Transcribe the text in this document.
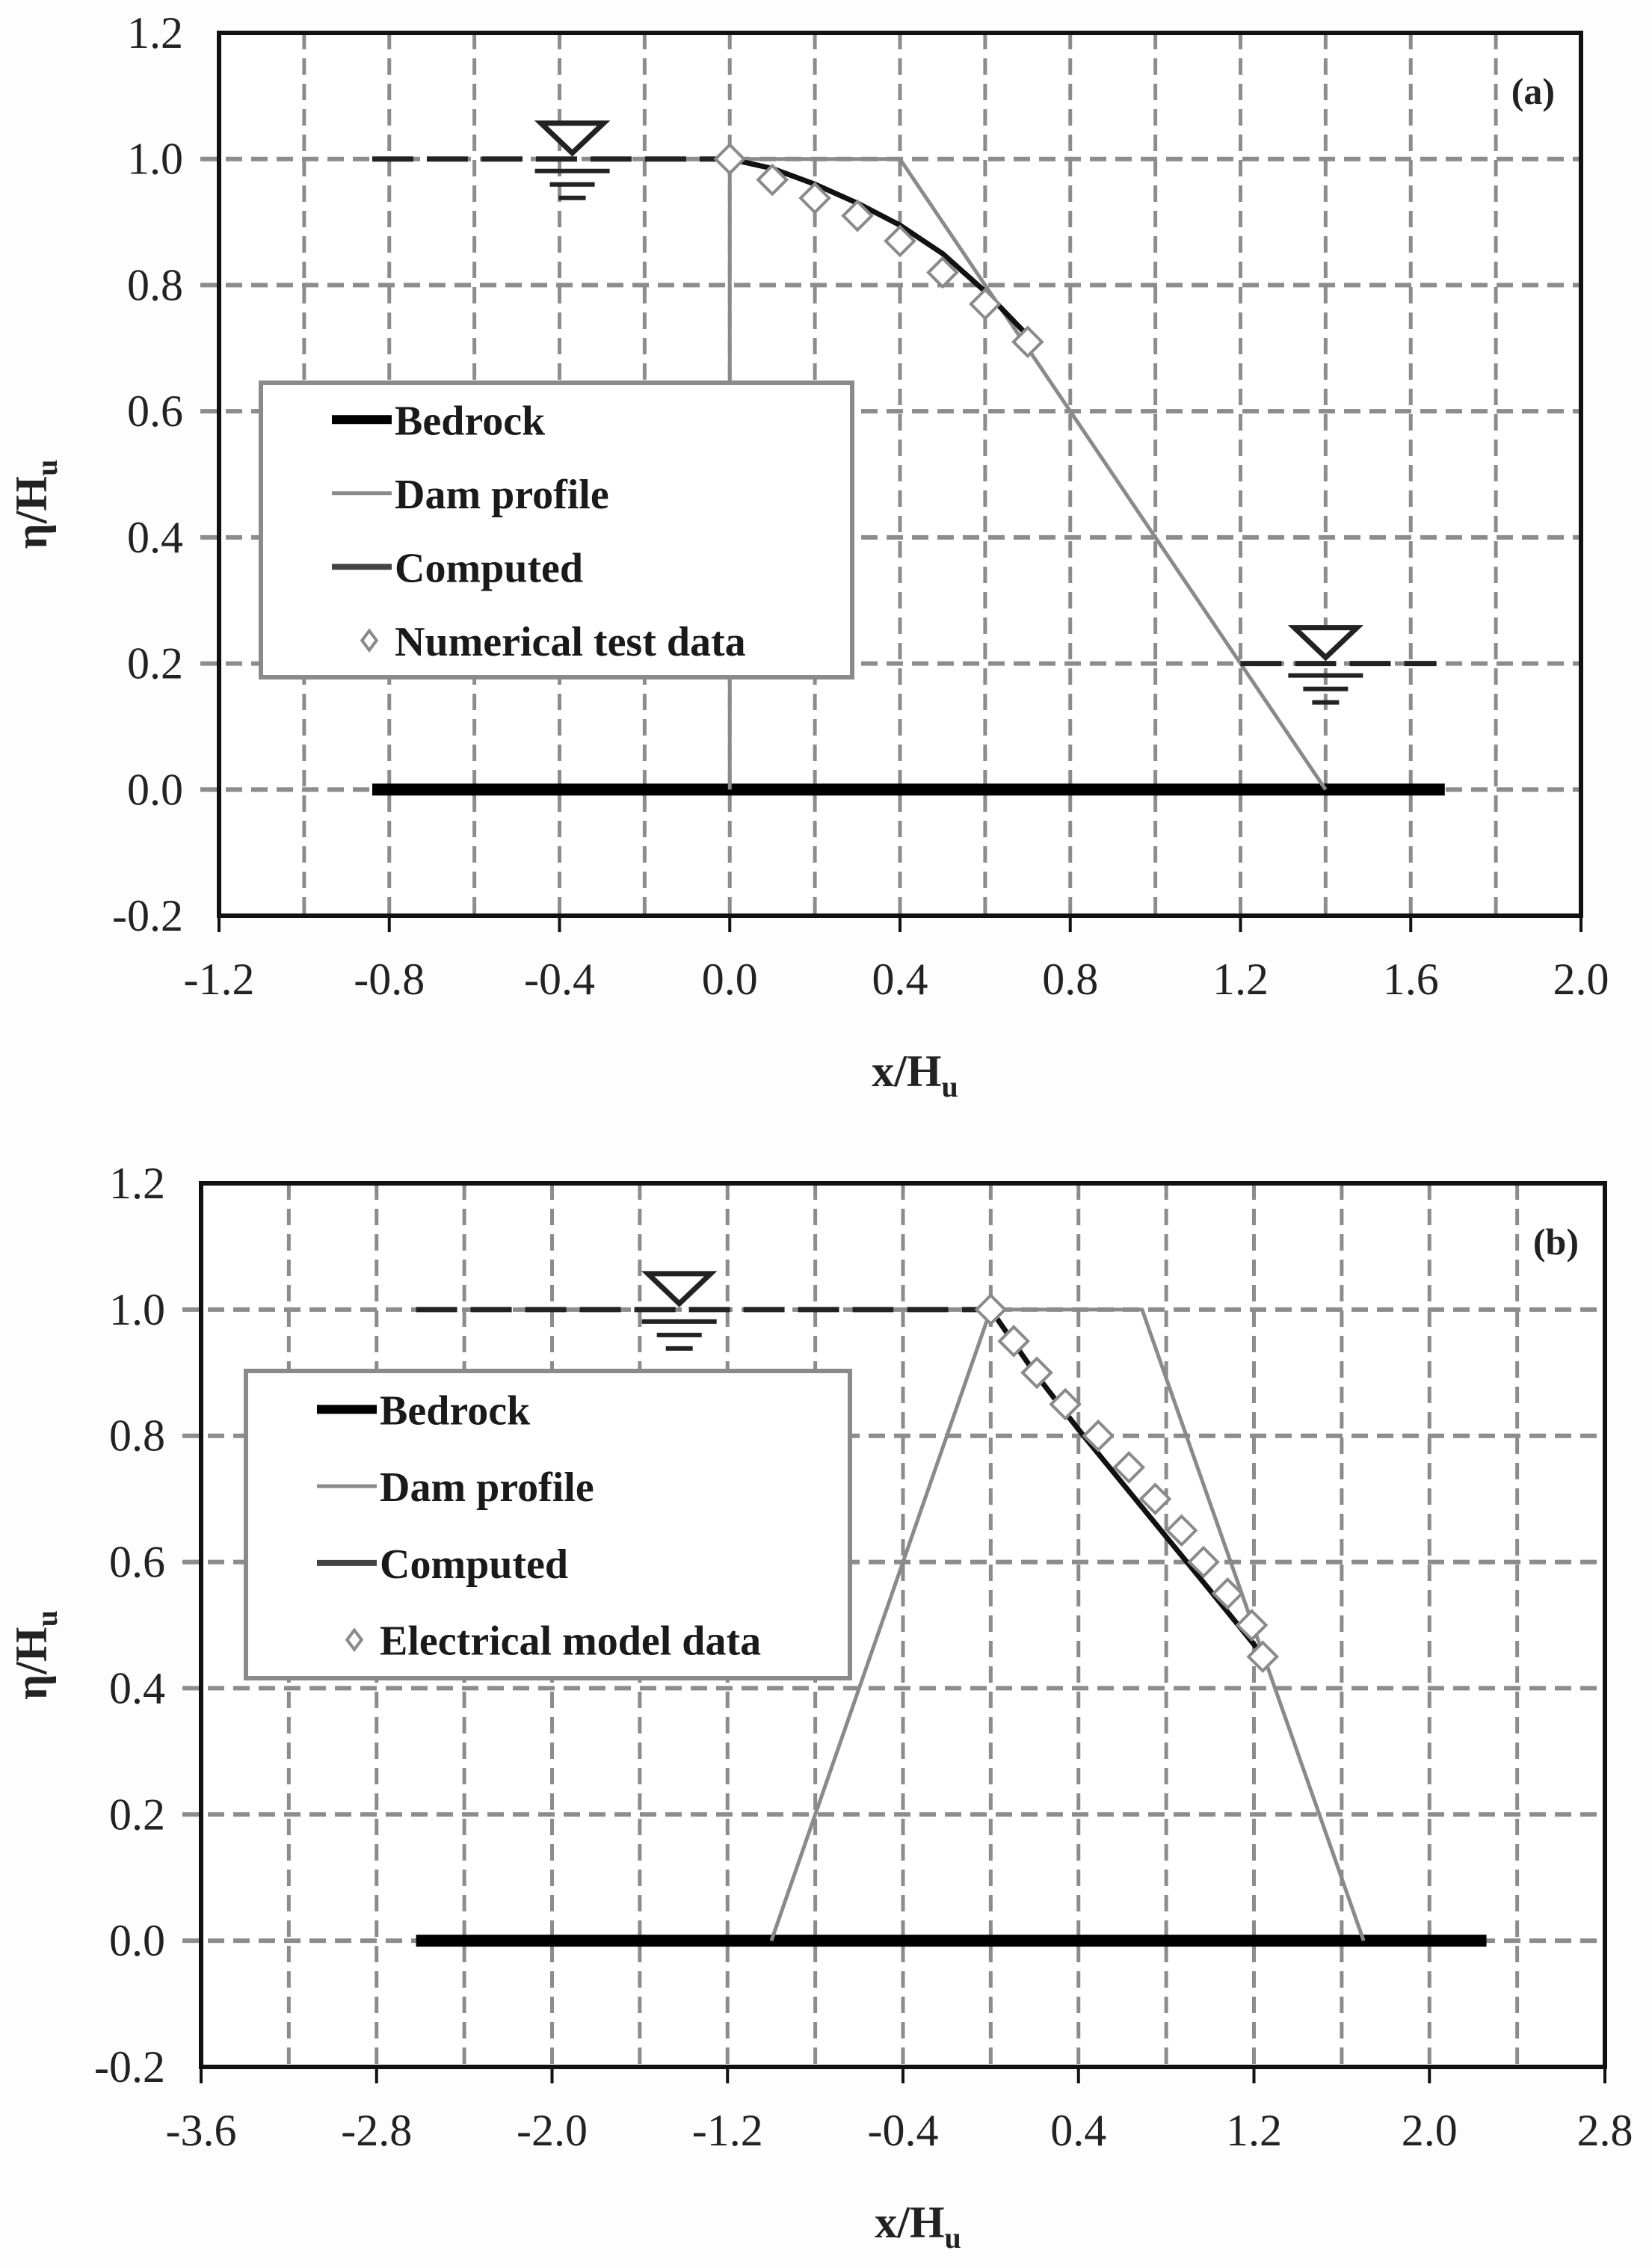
-1.2 -0.8 -0.4 0.0	0.4	0.8	1.2	1.6	2.0
1.2
1.0
0.8
0.6
0.4
0.2
0.0
-0.2
$x/H_u$
$\eta/H_u$
(a)
Bedrock
Dam profile
Computed
Numerical test data
-3.6 -2.8 -2.0 -1.2 -0.4 0.4	1.2	2.0	2.8
1.2
1.0
0.8
0.6
0.4
0.2
0.0
-0.2
$x/H_u$
$\eta/H_u$
(b)
Bedrock
Dam profile
Computed
Electrical model data
